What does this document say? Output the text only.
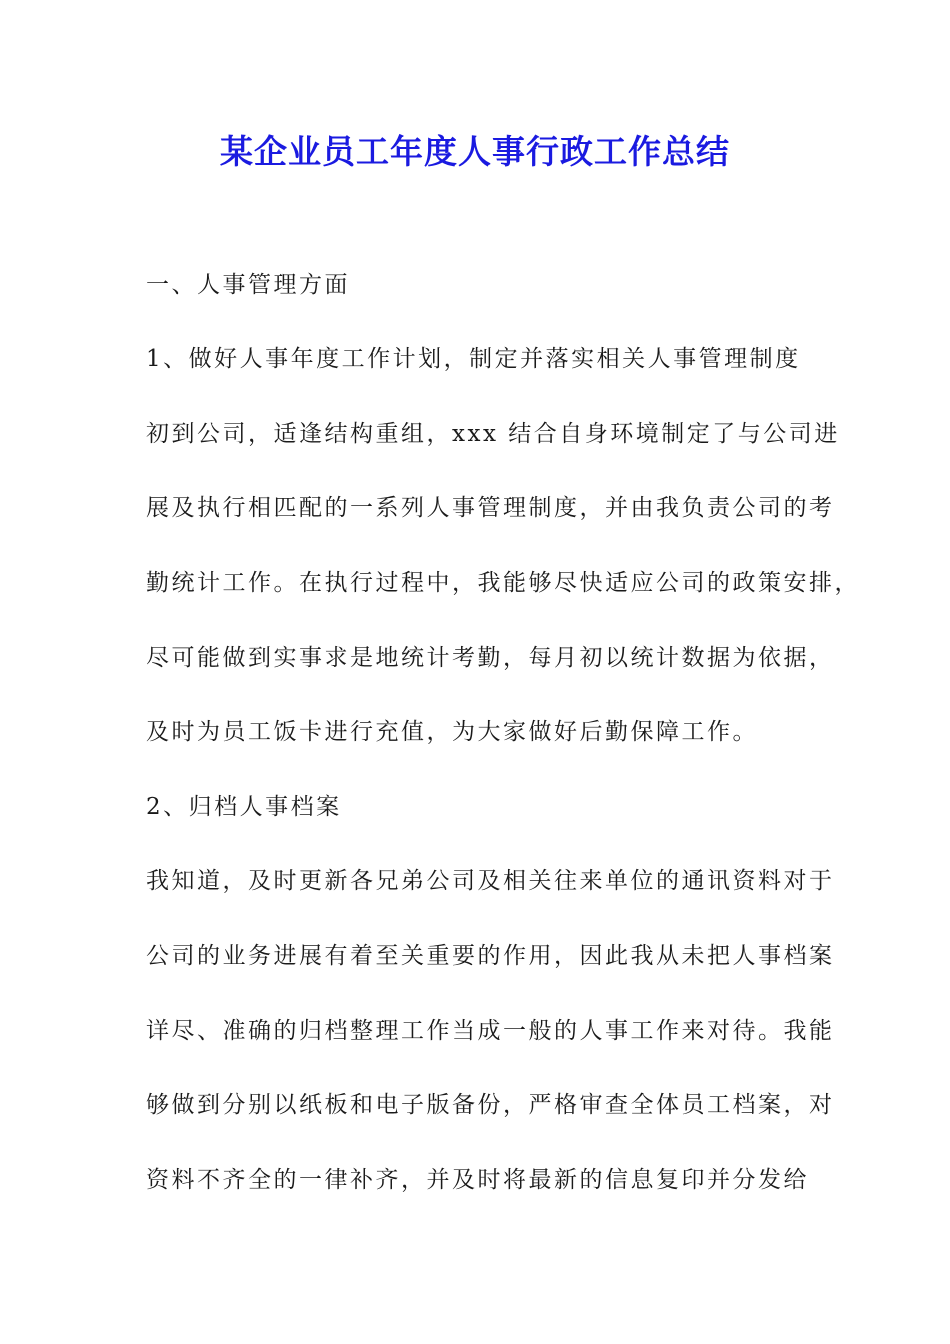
某企业员工年度人事行政工作总结

一、人事管理方面

1、做好人事年度工作计划，制定并落实相关人事管理制度

初到公司，适逢结构重组，xxx 结合自身环境制定了与公司进

展及执行相匹配的一系列人事管理制度，并由我负责公司的考

勤统计工作。在执行过程中，我能够尽快适应公司的政策安排，

尽可能做到实事求是地统计考勤，每月初以统计数据为依据，

及时为员工饭卡进行充值，为大家做好后勤保障工作。

2、归档人事档案

我知道，及时更新各兄弟公司及相关往来单位的通讯资料对于

公司的业务进展有着至关重要的作用，因此我从未把人事档案

详尽、准确的归档整理工作当成一般的人事工作来对待。我能

够做到分别以纸板和电子版备份，严格审查全体员工档案，对

资料不齐全的一律补齐，并及时将最新的信息复印并分发给
